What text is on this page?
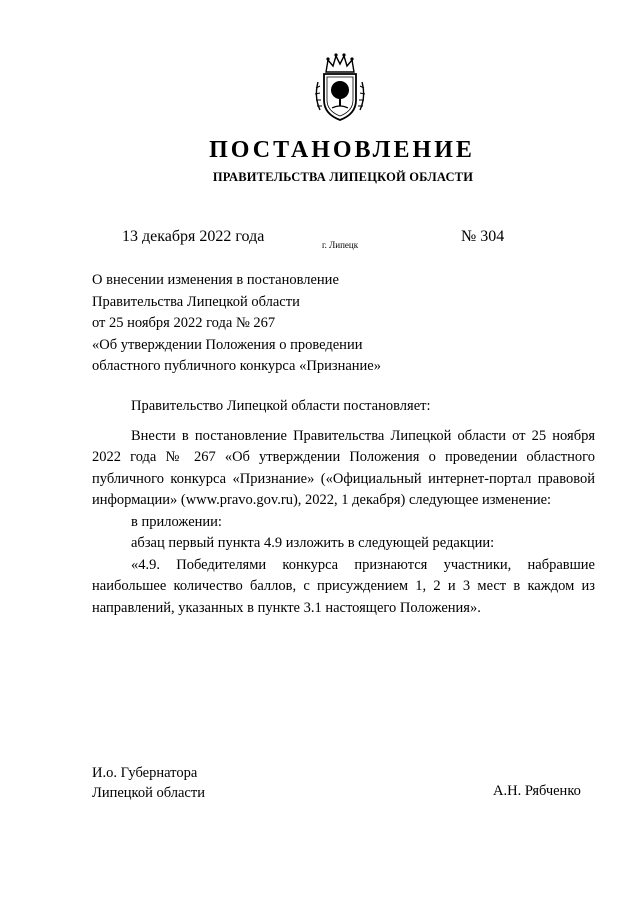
ПОСТАНОВЛЕНИЕ
ПРАВИТЕЛЬСТВА ЛИПЕЦКОЙ ОБЛАСТИ
13 декабря 2022 года	г. Липецк	№ 304
О внесении изменения в постановление
Правительства Липецкой области
от 25 ноября 2022 года № 267
«Об утверждении Положения о проведении
областного публичного конкурса «Признание»

Правительство Липецкой области постановляет:

Внести в постановление Правительства Липецкой области от 25 ноября 2022 года № 267 «Об утверждении Положения о проведении областного публичного конкурса «Признание» («Официальный интернет-портал правовой информации» (www.pravo.gov.ru), 2022, 1 декабря) следующее изменение:

в приложении:

абзац первый пункта 4.9 изложить в следующей редакции:

«4.9. Победителями конкурса признаются участники, набравшие наибольшее количество баллов, с присуждением 1, 2 и 3 мест в каждом из направлений, указанных в пункте 3.1 настоящего Положения».

И.о. Губернатора
Липецкой области	А.Н. Рябченко
